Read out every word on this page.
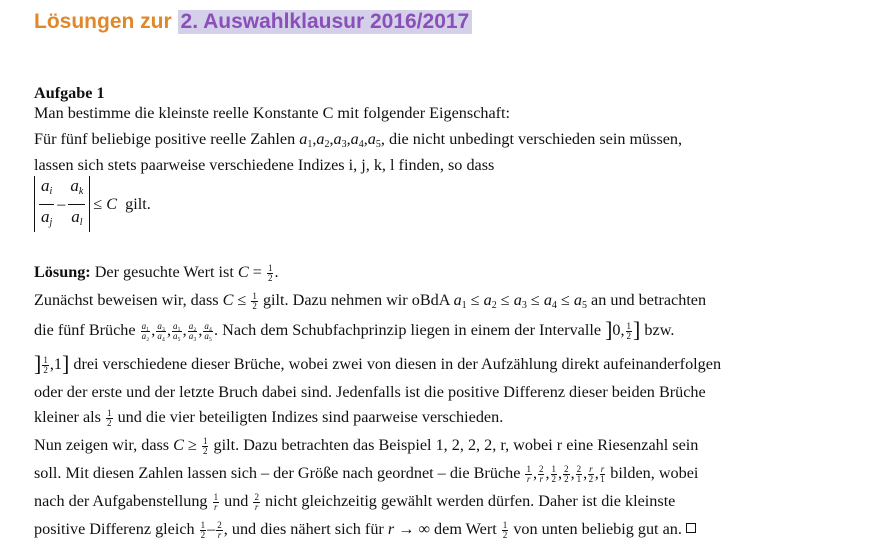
Lösungen zur 2. Auswahlklausur 2016/2017
Aufgabe 1
Man bestimme die kleinste reelle Konstante C mit folgender Eigenschaft:
Für fünf beliebige positive reelle Zahlen $a_1,a_2,a_3,a_4,a_5$, die nicht unbedingt verschieden sein müssen,
lassen sich stets paarweise verschiedene Indizes i, j, k, l finden, so dass
$a_i$
$a_j$
–
$a_k$
$a_l$
≤ C gilt.
Lösung: Der gesuchte Wert ist $C = \frac{1}{2}$ .
Zunächst beweisen wir, dass $C \le \frac{1}{2}$ gilt. Dazu nehmen wir oBdA $a_1 \le a_2 \le a_3 \le a_4 \le a_5$ an und betrachten
die fünf Brüche $\frac{\text{a₁}}{\text{a₂}}$ , $\frac{\text{a₃}}{\text{a₄}}$ , $\frac{\text{a₁}}{\text{a₅}}$ , $\frac{\text{a₂}}{\text{a₃}}$ , $\frac{\text{a₄}}{\text{a₅}}$ . Nach dem Schubfachprinzip liegen in einem der Intervalle ]0, $\frac{1}{2}$ ] bzw.
] $\frac{1}{2} ,1$] drei verschiedene dieser Brüche, wobei zwei von diesen in der Aufzählung direkt aufeinanderfolgen
oder der erste und der letzte Bruch dabei sind. Jedenfalls ist die positive Differenz dieser beiden Brüche
kleiner als $\frac{1}{2}$ und die vier beteiligten Indizes sind paarweise verschieden.
Nun zeigen wir, dass $C \ge \frac{1}{2}$ gilt. Dazu betrachten das Beispiel 1, 2, 2, 2, r, wobei r eine Riesenzahl sein
soll. Mit diesen Zahlen lassen sich – der Größe nach geordnet – die Brüche $\frac{1}{r}$ , $\frac{2}{r}$ , $\frac{1}{2}$ , $\frac{2}{2}$ , $\frac{2}{1}$ , $\frac{r}{2}$ , $\frac{r}{1}$ bilden, wobei
nach der Aufgabenstellung $\frac{1}{r}$ und $\frac{2}{r}$ nicht gleichzeitig gewählt werden dürfen. Daher ist die kleinste
positive Differenz gleich $\frac{1}{2} - \frac{2}{r}$ , und dies nähert sich für r → ∞ dem Wert $\frac{1}{2}$ von unten beliebig gut an.
